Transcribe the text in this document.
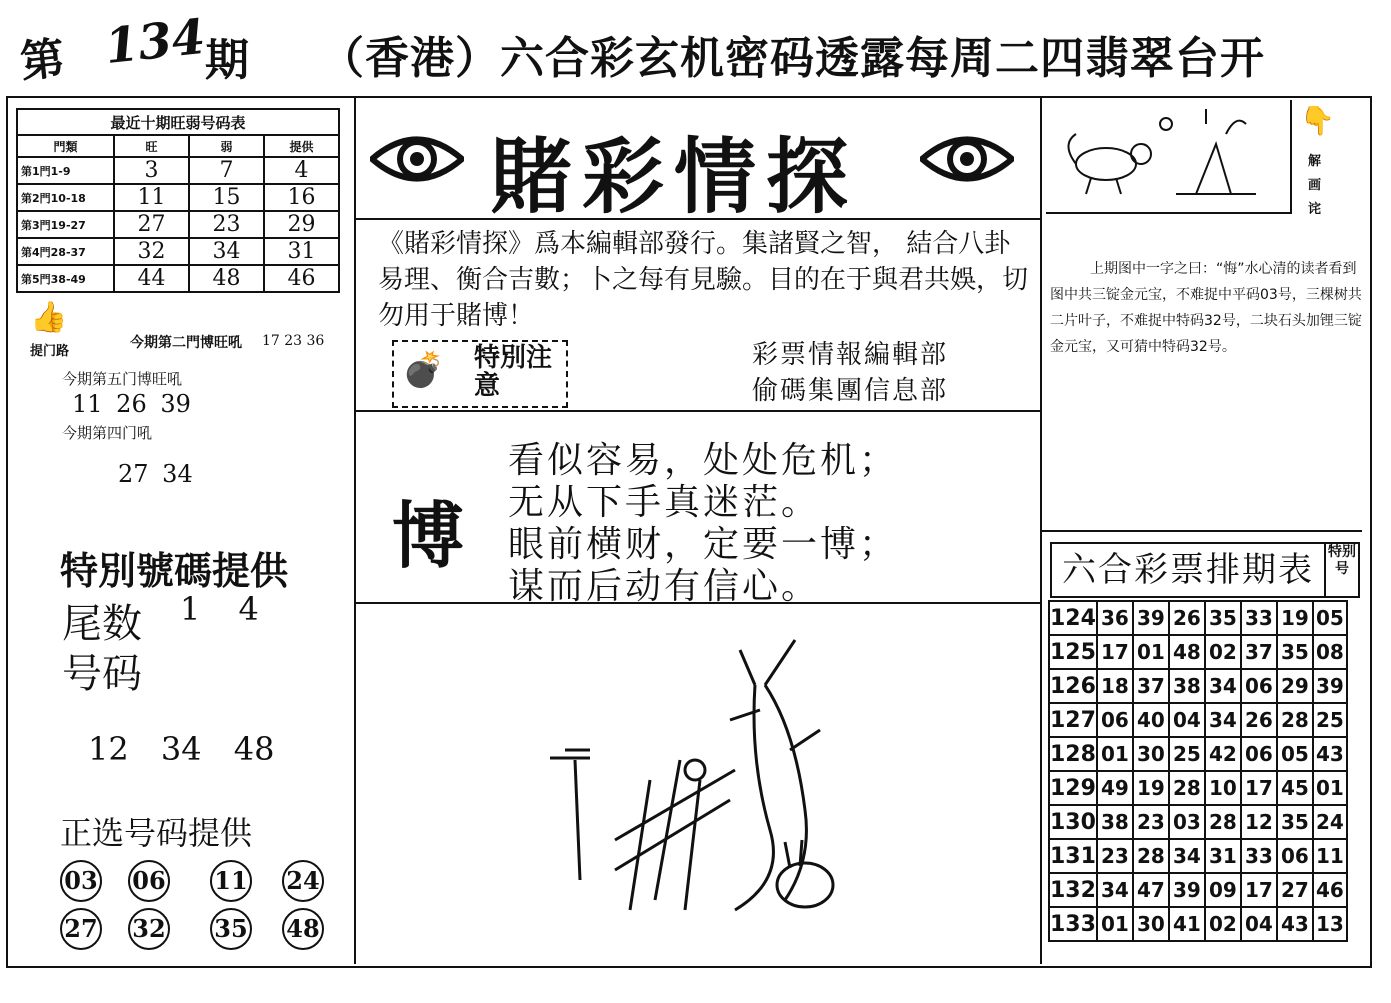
第 134
期 （香港）六合彩玄机密码透露每周二四翡翠台开
最近十期旺弱号码表			
門類	旺	弱	提供
第1門1-9	3	7	4
第2門10-18	11	15	16
第3門19-27	27	23	29
第4門28-37	32	34	31
第5門38-49	44	48	46
👍
提门路
今期第二門博旺吼 17 23 36
今期第五门博旺吼
11 26 39
今期第四门吼
27 34
特別號碼提供
尾数 1 4
号码
12 34 48
正选号码提供
03 06 11 24
27 32 35 48
賭彩情探
《賭彩情探》爲本編輯部發行。集諸賢之智， 結合八卦易理、衡合吉數；卜之每有見驗。目的在于與君共娛，切勿用于賭博！
💣 特別注意
彩票情報編輯部
偷碼集團信息部
博
看似容易，处处危机；
无从下手真迷茫。
眼前横财，定要一博；
谋而后动有信心。
👇
解画诧
上期图中一字之曰：“悔”水心清的读者看到图中共三锭金元宝，不难捉中平码03号，三棵树共二片叶子，不难捉中特码32号，二块石头加锂三锭金元宝，又可猜中特码32号。
六合彩票排期表	特别号
124	36	39	26	35	33	19	05
125	17	01	48	02	37	35	08
126	18	37	38	34	06	29	39
127	06	40	04	34	26	28	25
128	01	30	25	42	06	05	43
129	49	19	28	10	17	45	01
130	38	23	03	28	12	35	24
131	23	28	34	31	33	06	11
132	34	47	39	09	17	27	46
133	01	30	41	02	04	43	13
